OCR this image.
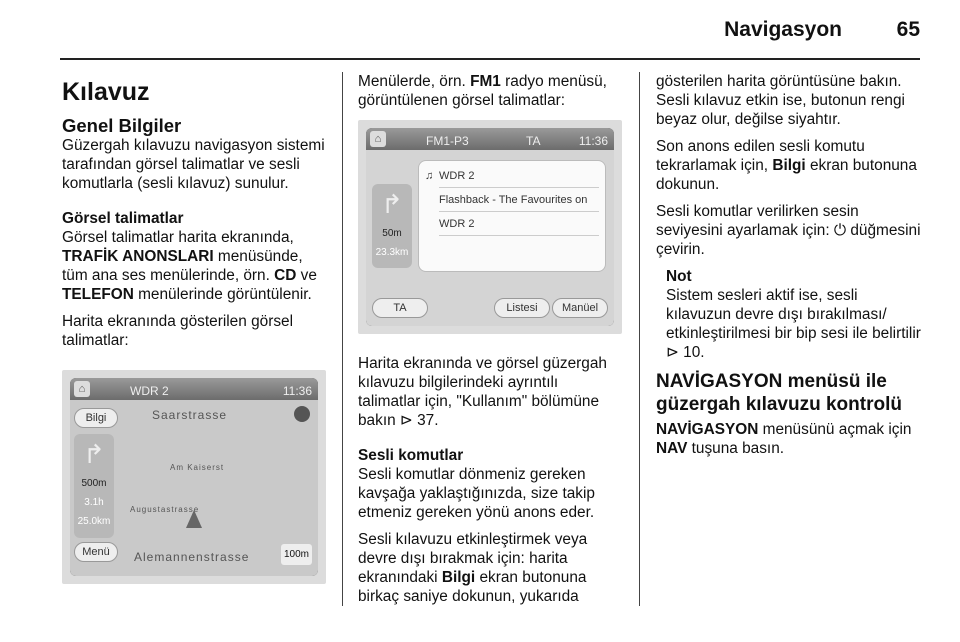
Navigasyon	65
Kılavuz
Genel Bilgiler

Güzergah kılavuzu navigasyon sistemi tarafından görsel talimatlar ve sesli komutlarla (sesli kılavuz) sunulur.

Görsel talimatlar

Görsel talimatlar harita ekranında, TRAFİK ANONSLARI menüsünde, tüm ana ses menülerinde, örn. CD ve TELEFON menülerinde görüntülenir.

Harita ekranında gösterilen görsel talimatlar:

⌂	WDR 2	11:36
Saarstrasse
Am Kaiserst
Augustastrasse
Alemannenstrasse
Bilgi
↱
500m
3.1h
25.0km
Menü	100m

Menülerde, örn. FM1 radyo menüsü, görüntülenen görsel talimatlar:

⌂	FM1-P3	TA	11:36
↱
50m
23.3km
♫ WDR 2
Flashback - The Favourites on
WDR 2
TA	Listesi	Manüel

Harita ekranında ve görsel güzergah kılavuzu bilgilerindeki ayrıntılı talimatlar için, "Kullanım" bölümüne bakın ⊳ 37.

Sesli komutlar

Sesli komutlar dönmeniz gereken kavşağa yaklaştığınızda, size takip etmeniz gereken yönü anons eder.

Sesli kılavuzu etkinleştirmek veya devre dışı bırakmak için: harita ekranındaki Bilgi ekran butonuna birkaç saniye dokunun, yukarıda

gösterilen harita görüntüsüne bakın. Sesli kılavuz etkin ise, butonun rengi beyaz olur, değilse siyahtır.

Son anons edilen sesli komutu tekrarlamak için, Bilgi ekran butonuna dokunun.

Sesli komutlar verilirken sesin seviyesini ayarlamak için: ⏻ düğmesini çevirin.

Not

Sistem sesleri aktif ise, sesli kılavuzun devre dışı bırakılması/ etkinleştirilmesi bir bip sesi ile belirtilir ⊳ 10.

NAVİGASYON menüsü ile güzergah kılavuzu kontrolü

NAVİGASYON menüsünü açmak için NAV tuşuna basın.
